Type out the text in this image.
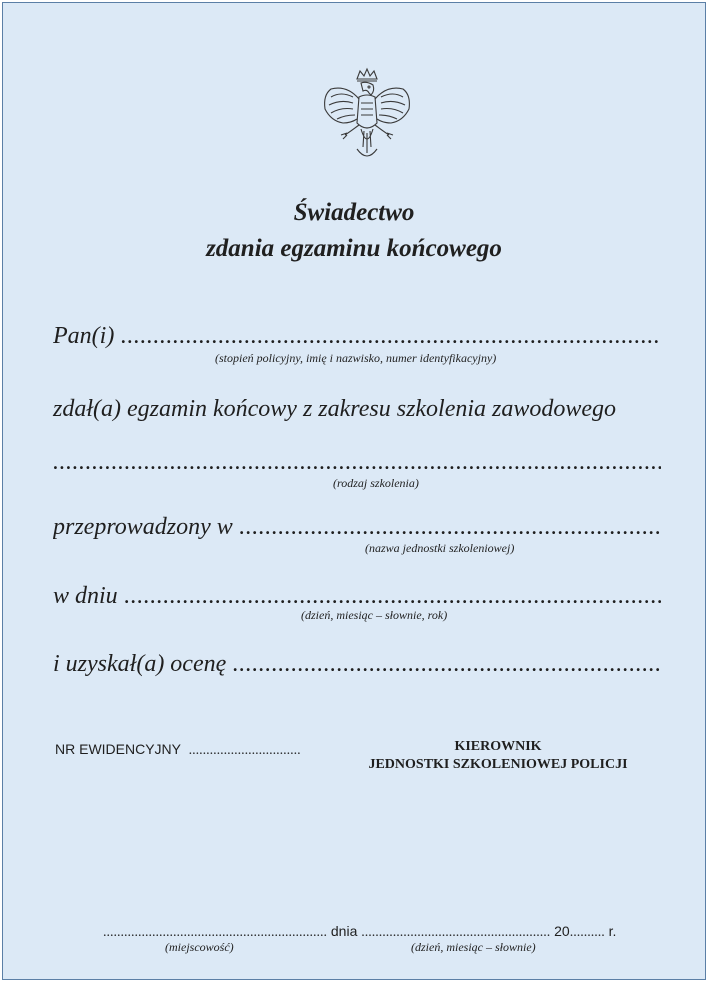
Świadectwo
zdania egzaminu końcowego
Pan(i)
.....
(stopień policyjny, imię i nazwisko, numer identyfikacyjny)
zdał(a) egzamin końcowy z zakresu szkolenia zawodowego
.....
(rodzaj szkolenia)
przeprowadzony w
.....
(nazwa jednostki szkoleniowej)
w dniu
.....
(dzień, miesiąc – słownie, rok)
i uzyskał(a) ocenę
.....
NR EWIDENCYJNY ................................	KIEROWNIK
JEDNOSTKI SZKOLENIOWEJ POLICJI
................................................................ dnia ...................................................... 20.......... r.
(miejscowość)	(dzień, miesiąc – słownie)
